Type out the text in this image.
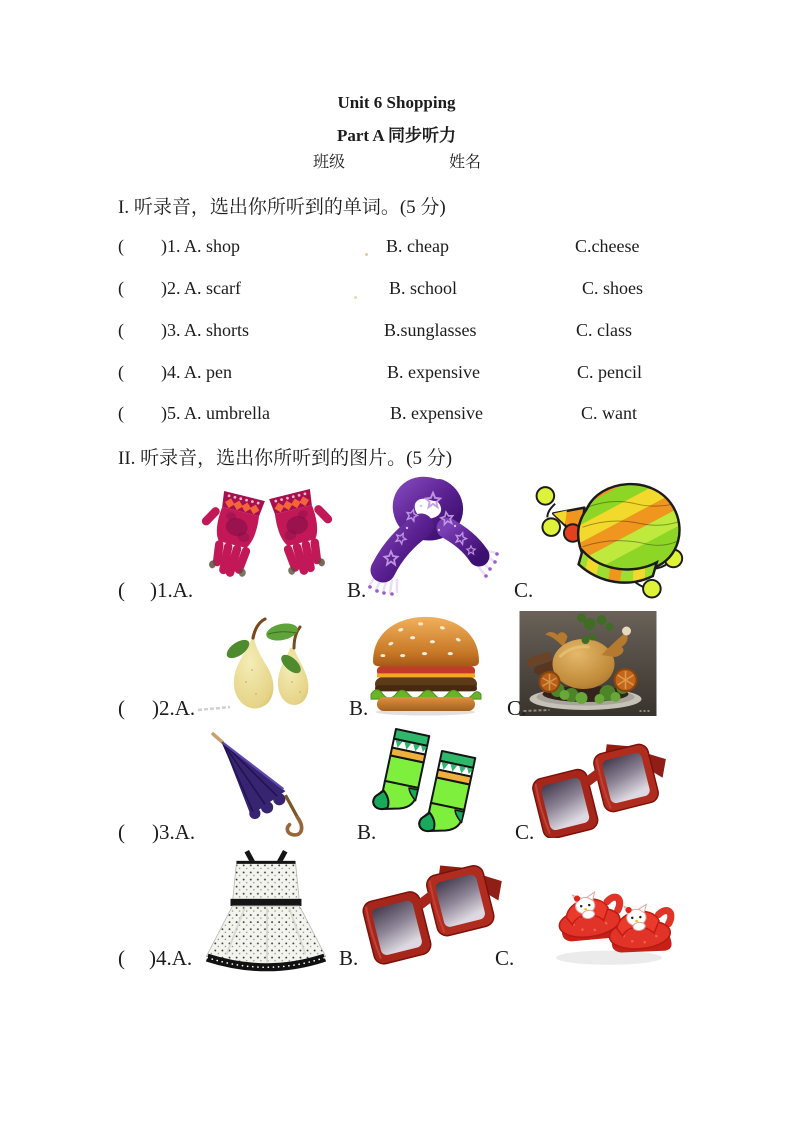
Unit 6 Shopping
Part A 同步听力
班级	姓名
I. 听录音，选出你所听到的单词。(5 分)
( )1. A. shop	B. cheap	C.cheese
( )2. A. scarf	B. school	C. shoes
( )3. A. shorts	B.sunglasses	C. class
( )4. A. pen	B. expensive	C. pencil
( )5. A. umbrella	B. expensive	C. want
II. 听录音，选出你所听到的图片。(5 分)
( )1.A.	B.	C.
( )2.A.	B.	C.
( )3.A.	B.	C.
( )4.A.	B.	C.
